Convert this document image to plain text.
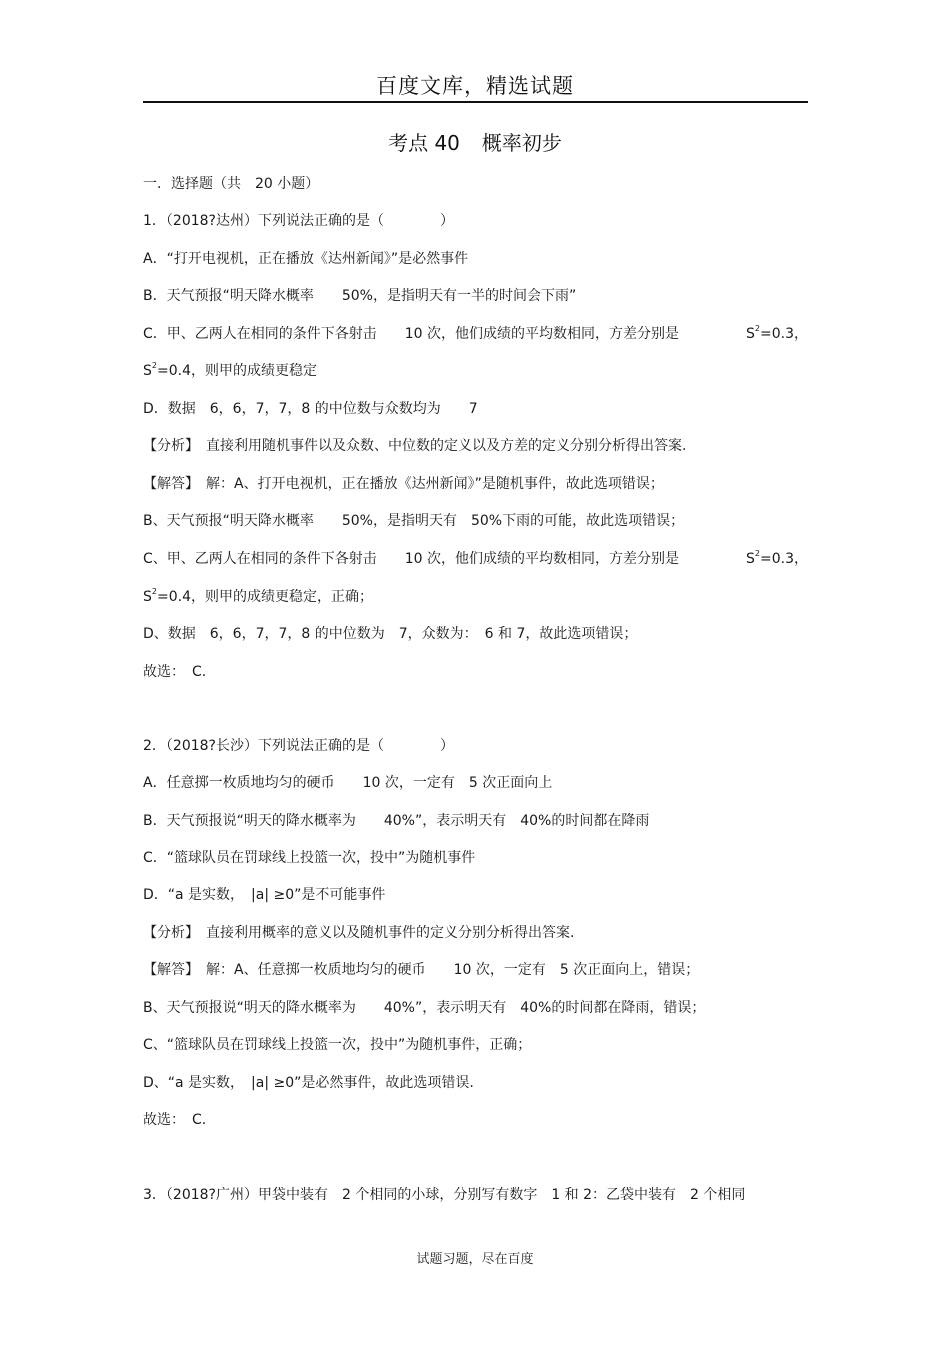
百度文库，精选试题
考点 40 概率初步
一．选择题（共　20 小题）
1．（2018?达州）下列说法正确的是（　　　　）
A．“打开电视机，正在播放《达州新闻》”是必然事件
B．天气预报“明天降水概率　　50%，是指明天有一半的时间会下雨”
C．甲、乙两人在相同的条件下各射击　　10 次，他们成绩的平均数相同，方差分别是	$S^2=0.3$，
$S^2=0.4$，则甲的成绩更稳定
D．数据　6，6，7，7，8 的中位数与众数均为　　7
【分析】　直接利用随机事件以及众数、中位数的定义以及方差的定义分别分析得出答案.
【解答】　解：A、打开电视机，正在播放《达州新闻》”是随机事件，故此选项错误；
B、天气预报“明天降水概率　　50%，是指明天有　50%下雨的可能，故此选项错误；
C、甲、乙两人在相同的条件下各射击　　10 次，他们成绩的平均数相同，方差分别是	$S^2=0.3$，
$S^2=0.4$，则甲的成绩更稳定，正确；
D、数据　6，6，7，7，8 的中位数为　7，众数为：　6 和 7，故此选项错误；
故选：　C.
2．（2018?长沙）下列说法正确的是（　　　　）
A．任意掷一枚质地均匀的硬币　　10 次，一定有　5 次正面向上
B．天气预报说“明天的降水概率为　　40%”，表示明天有　40%的时间都在降雨
C．“篮球队员在罚球线上投篮一次，投中”为随机事件
D．“a 是实数，　|a| ≥0”是不可能事件
【分析】　直接利用概率的意义以及随机事件的定义分别分析得出答案.
【解答】　解：A、任意掷一枚质地均匀的硬币　　10 次，一定有　5 次正面向上，错误；
B、天气预报说“明天的降水概率为　　40%”，表示明天有　40%的时间都在降雨，错误；
C、“篮球队员在罚球线上投篮一次，投中”为随机事件，正确；
D、“a 是实数，　|a| ≥0”是必然事件，故此选项错误.
故选：　C.
3．（2018?广州）甲袋中装有　2 个相同的小球，分别写有数字　1 和 2：乙袋中装有　2 个相同
试题习题，尽在百度
